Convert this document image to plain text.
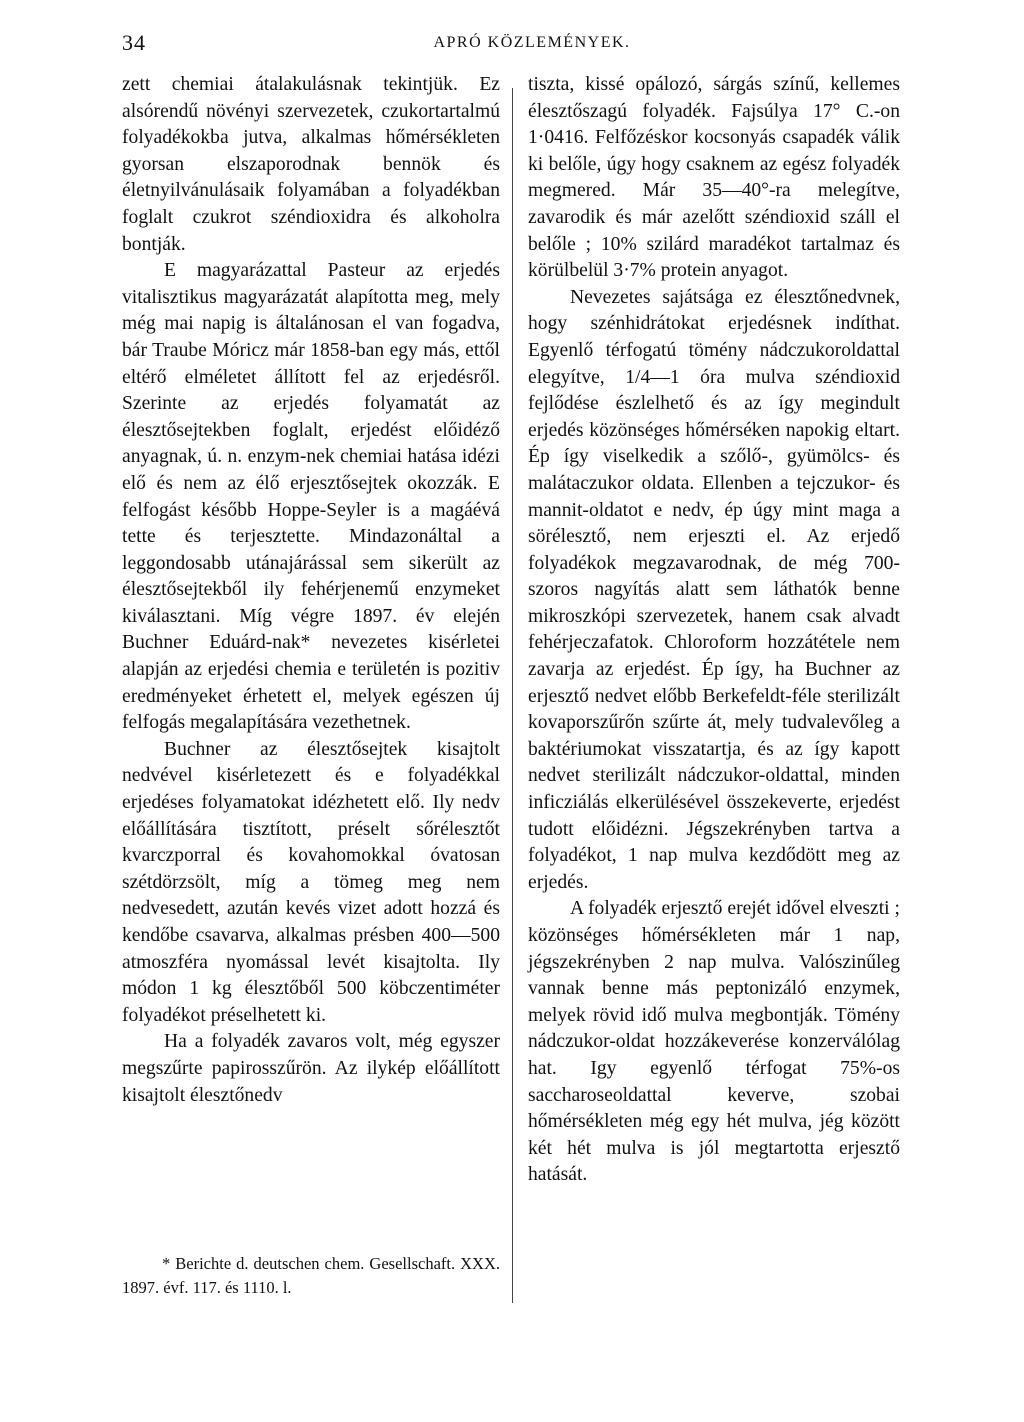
34	APRÓ KÖZLEMÉNYEK.

zett chemiai átalakulásnak tekintjük. Ez alsórendű növényi szervezetek, czukortartalmú folyadékokba jutva, alkalmas hőmérsékleten gyorsan elszaporodnak bennök és életnyilvánulásaik folyamában a folyadékban foglalt czukrot széndioxidra és alkoholra bontják.

E magyarázattal Pasteur az erjedés vitalisztikus magyarázatát alapította meg, mely még mai napig is általánosan el van fogadva, bár Traube Móricz már 1858-ban egy más, ettől eltérő elméletet állított fel az erjedésről. Szerinte az erjedés folyamatát az élesztősejtekben foglalt, erjedést előidéző anyagnak, ú. n. enzym-nek chemiai hatása idézi elő és nem az élő erjesztősejtek okozzák. E felfogást később Hoppe-Seyler is a magáévá tette és terjesztette. Mindazonáltal a leggondosabb utánajárással sem sikerült az élesztősejtekből ily fehérjenemű enzymeket kiválasztani. Míg végre 1897. év elején Buchner Eduárd-nak* nevezetes kisérletei alapján az erjedési chemia e területén is pozitiv eredményeket érhetett el, melyek egészen új felfogás megalapítására vezethetnek.

Buchner az élesztősejtek kisajtolt nedvével kisérletezett és e folyadékkal erjedéses folyamatokat idézhetett elő. Ily nedv előállítására tisztított, préselt sőrélesztőt kvarczporral és kovahomokkal óvatosan szétdörzsölt, míg a tömeg meg nem nedvesedett, azután kevés vizet adott hozzá és kendőbe csavarva, alkalmas présben 400—500 atmoszféra nyomással levét kisajtolta. Ily módon 1 kg élesztőből 500 köbczentiméter folyadékot préselhetett ki.

Ha a folyadék zavaros volt, még egyszer megszűrte papirosszűrön. Az ilykép előállított kisajtolt élesztőnedv

* Berichte d. deutschen chem. Gesellschaft. XXX. 1897. évf. 117. és 1110. l.

tiszta, kissé opálozó, sárgás színű, kellemes élesztőszagú folyadék. Fajsúlya 17° C.-on 1·0416. Felfőzéskor kocsonyás csapadék válik ki belőle, úgy hogy csaknem az egész folyadék megmered. Már 35—40°-ra melegítve, zavarodik és már azelőtt széndioxid száll el belőle ; 10% szilárd maradékot tartalmaz és körülbelül 3·7% protein anyagot.

Nevezetes sajátsága ez élesztőnedvnek, hogy szénhidrátokat erjedésnek indíthat. Egyenlő térfogatú tömény nádczukoroldattal elegyítve, 1/4—1 óra mulva széndioxid fejlődése észlelhető és az így megindult erjedés közönséges hőmérséken napokig eltart. Ép így viselkedik a szőlő-, gyümölcs- és malátaczukor oldata. Ellenben a tejczukor- és mannit-oldatot e nedv, ép úgy mint maga a sörélesztő, nem erjeszti el. Az erjedő folyadékok megzavarodnak, de még 700-szoros nagyítás alatt sem láthatók benne mikroszkópi szervezetek, hanem csak alvadt fehérjeczafatok. Chloroform hozzátétele nem zavarja az erjedést. Ép így, ha Buchner az erjesztő nedvet előbb Berkefeldt-féle sterilizált kovaporszűrőn szűrte át, mely tudvalevőleg a baktériumokat visszatartja, és az így kapott nedvet sterilizált nádczukor-oldattal, minden inficziálás elkerülésével összekeverte, erjedést tudott előidézni. Jégszekrényben tartva a folyadékot, 1 nap mulva kezdődött meg az erjedés.

A folyadék erjesztő erejét idővel elveszti ; közönséges hőmérsékleten már 1 nap, jégszekrényben 2 nap mulva. Valószinűleg vannak benne más peptonizáló enzymek, melyek rövid idő mulva megbontják. Tömény nádczukor-oldat hozzákeverése konzerválólag hat. Igy egyenlő térfogat 75%-os saccharoseoldattal keverve, szobai hőmérsékleten még egy hét mulva, jég között két hét mulva is jól megtartotta erjesztő hatását.
